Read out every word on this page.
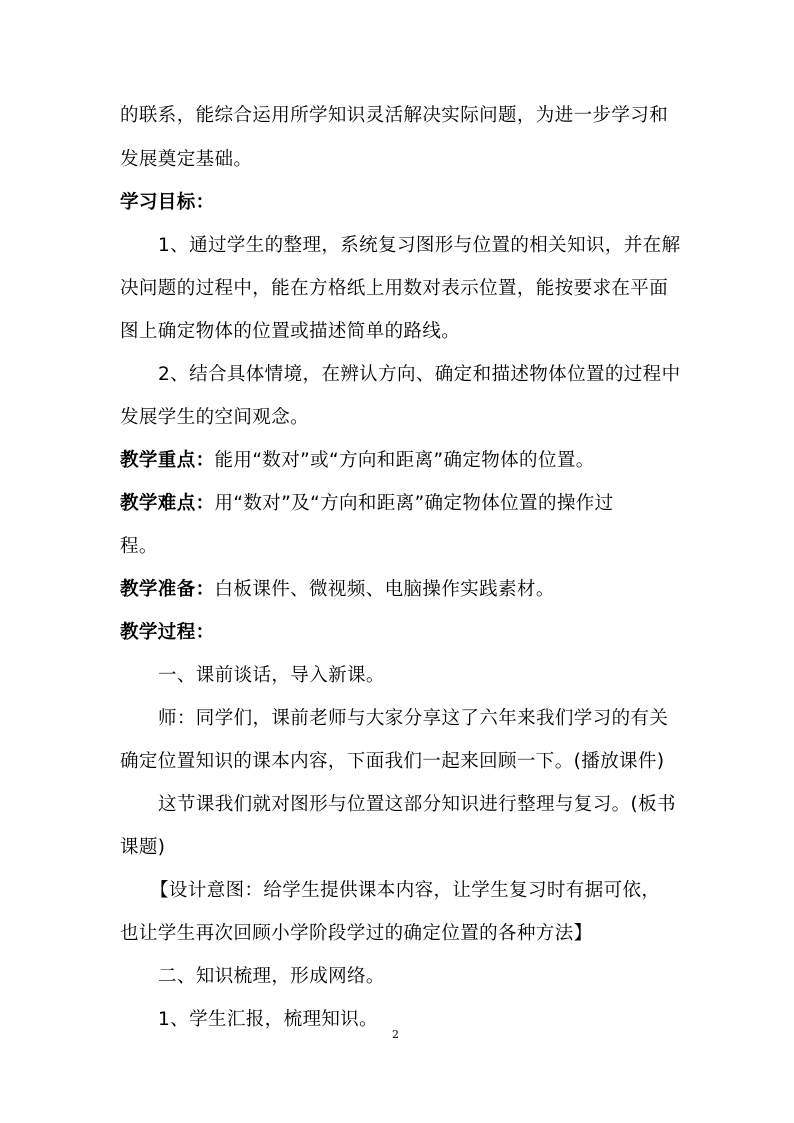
的联系，能综合运用所学知识灵活解决实际问题，为进一步学习和
发展奠定基础。
学习目标：
1、通过学生的整理，系统复习图形与位置的相关知识，并在解
决问题的过程中，能在方格纸上用数对表示位置，能按要求在平面
图上确定物体的位置或描述简单的路线。
2、结合具体情境，在辨认方向、确定和描述物体位置的过程中
发展学生的空间观念。
教学重点：能用“数对”或“方向和距离”确定物体的位置。
教学难点：用“数对”及“方向和距离”确定物体位置的操作过
程。
教学准备：白板课件、微视频、电脑操作实践素材。
教学过程：
一、课前谈话，导入新课。
师：同学们，课前老师与大家分享这了六年来我们学习的有关
确定位置知识的课本内容，下面我们一起来回顾一下。(播放课件)
这节课我们就对图形与位置这部分知识进行整理与复习。(板书
课题)
【设计意图：给学生提供课本内容，让学生复习时有据可依，
也让学生再次回顾小学阶段学过的确定位置的各种方法】
二、知识梳理，形成网络。
1、学生汇报，梳理知识。
2
